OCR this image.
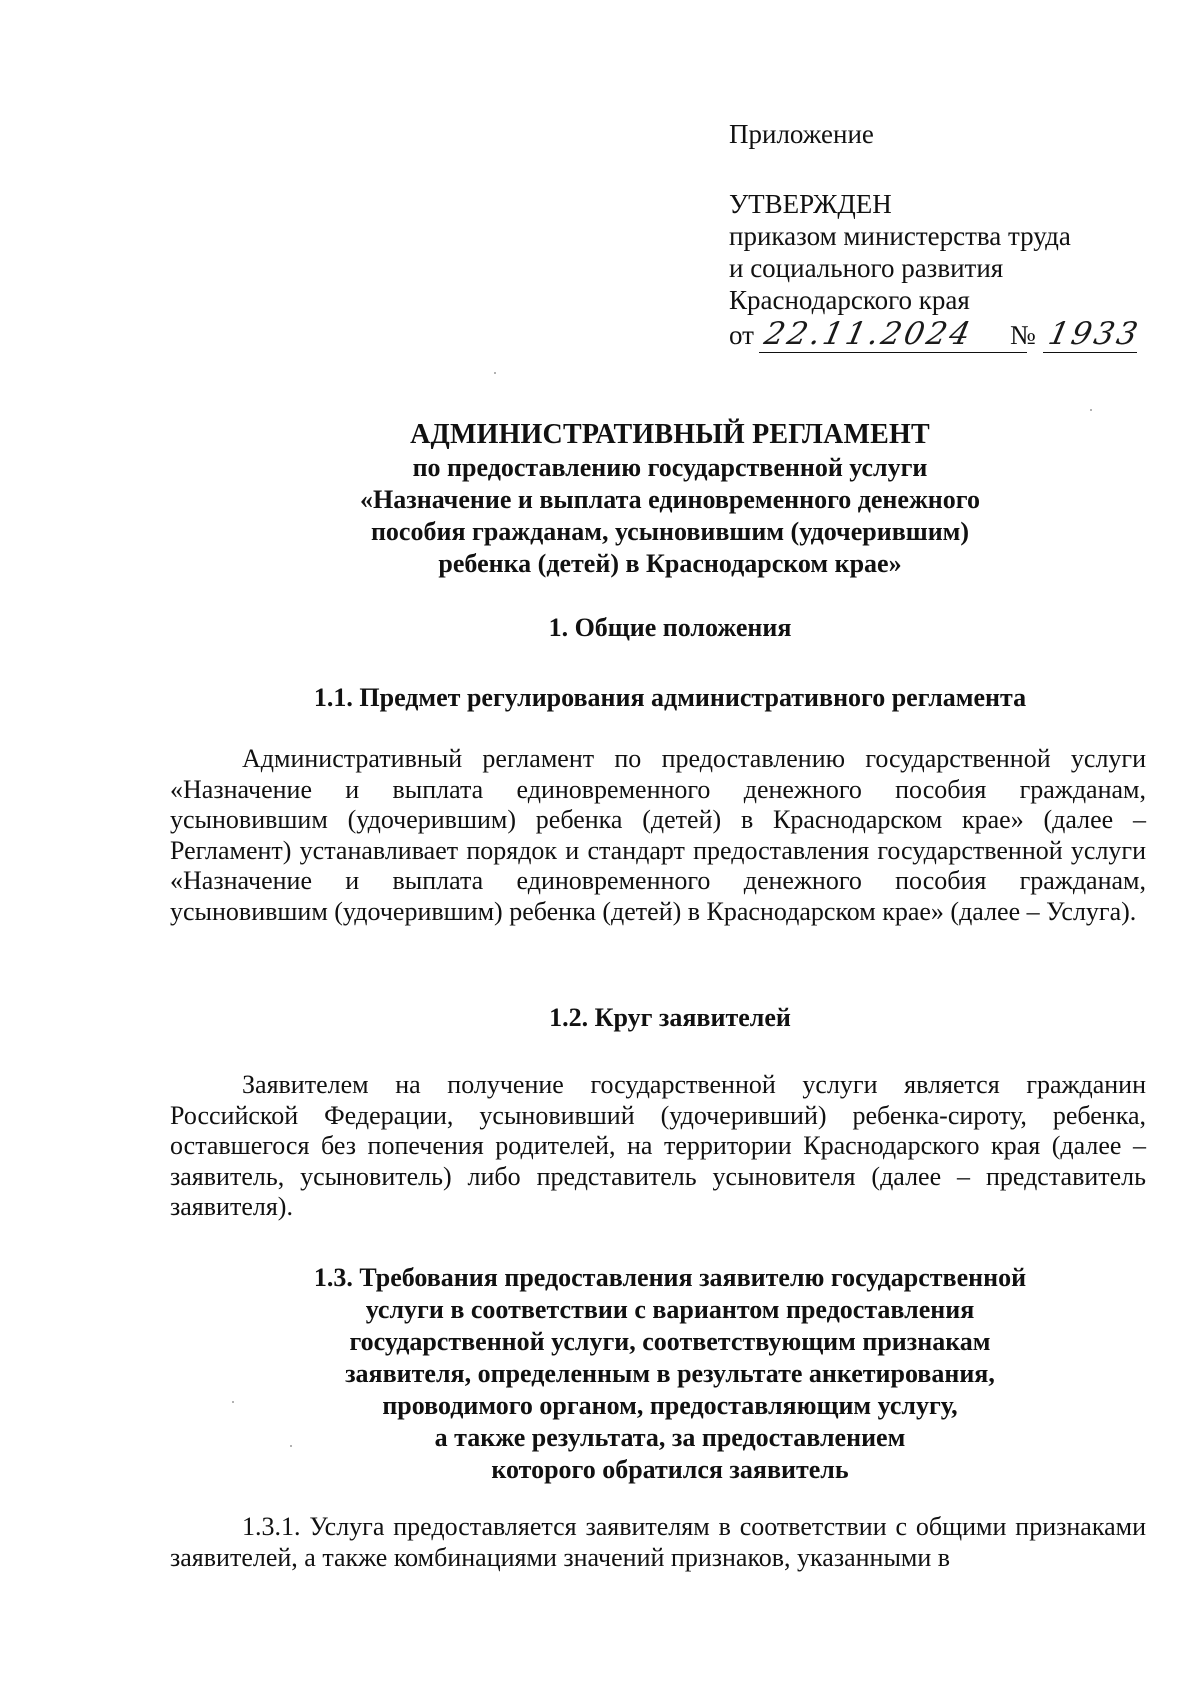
Приложение
УТВЕРЖДЕН
приказом министерства труда
и социального развития
Краснодарского края
от 22.11.2024 № 1933
АДМИНИСТРАТИВНЫЙ РЕГЛАМЕНТ
по предоставлению государственной услуги
«Назначение и выплата единовременного денежного
пособия гражданам, усыновившим (удочерившим)
ребенка (детей) в Краснодарском крае»
1. Общие положения
1.1. Предмет регулирования административного регламента
Административный регламент по предоставлению государственной услуги «Назначение и выплата единовременного денежного пособия гражданам, усыновившим (удочерившим) ребенка (детей) в Краснодарском крае» (далее – Регламент) устанавливает порядок и стандарт предоставления государственной услуги «Назначение и выплата единовременного денежного пособия гражданам, усыновившим (удочерившим) ребенка (детей) в Краснодарском крае» (далее – Услуга).
1.2. Круг заявителей
Заявителем на получение государственной услуги является гражданин Российской Федерации, усыновивший (удочеривший) ребенка-сироту, ребенка, оставшегося без попечения родителей, на территории Краснодарского края (далее – заявитель, усыновитель) либо представитель усыновителя (далее – представитель заявителя).
1.3. Требования предоставления заявителю государственной
услуги в соответствии с вариантом предоставления
государственной услуги, соответствующим признакам
заявителя, определенным в результате анкетирования,
проводимого органом, предоставляющим услугу,
а также результата, за предоставлением
которого обратился заявитель
1.3.1. Услуга предоставляется заявителям в соответствии с общими признаками заявителей, а также комбинациями значений признаков, указанными в
